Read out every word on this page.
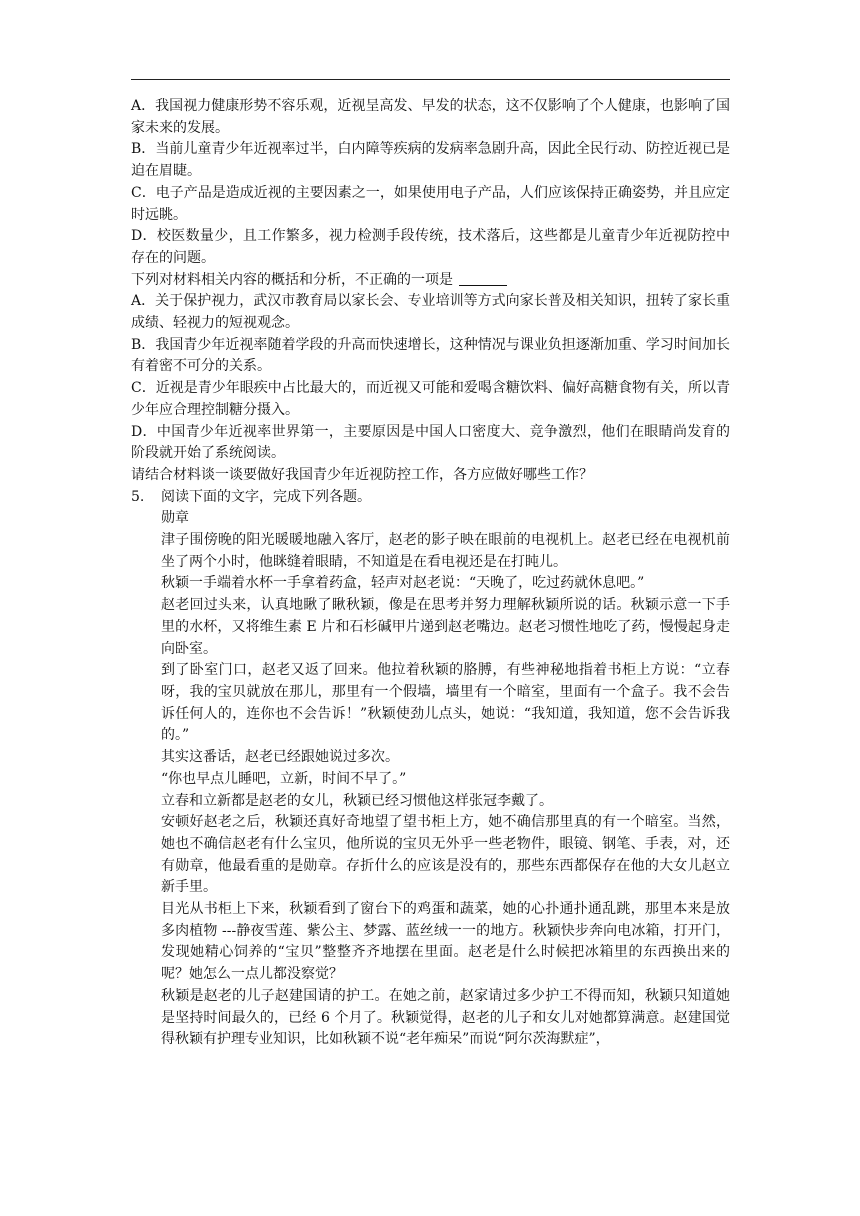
A．我国视力健康形势不容乐观，近视呈高发、早发的状态，这不仅影响了个人健康，也影响了国家未来的发展。

B．当前儿童青少年近视率过半，白内障等疾病的发病率急剧升高，因此全民行动、防控近视已是迫在眉睫。

C．电子产品是造成近视的主要因素之一，如果使用电子产品，人们应该保持正确姿势，并且应定时远眺。

D．校医数量少，且工作繁多，视力检测手段传统，技术落后，这些都是儿童青少年近视防控中存在的问题。

下列对材料相关内容的概括和分析，不正确的一项是

A．关于保护视力，武汉市教育局以家长会、专业培训等方式向家长普及相关知识，扭转了家长重成绩、轻视力的短视观念。

B．我国青少年近视率随着学段的升高而快速增长，这种情况与课业负担逐渐加重、学习时间加长有着密不可分的关系。

C．近视是青少年眼疾中占比最大的，而近视又可能和爱喝含糖饮料、偏好高糖食物有关，所以青少年应合理控制糖分摄入。

D．中国青少年近视率世界第一，主要原因是中国人口密度大、竞争激烈，他们在眼睛尚发育的阶段就开始了系统阅读。

请结合材料谈一谈要做好我国青少年近视防控工作，各方应做好哪些工作？

5. 阅读下面的文字，完成下列各题。

勋章

津子围傍晚的阳光暖暖地融入客厅，赵老的影子映在眼前的电视机上。赵老已经在电视机前坐了两个小时，他眯缝着眼睛，不知道是在看电视还是在打盹儿。

秋颖一手端着水杯一手拿着药盒，轻声对赵老说：“天晚了，吃过药就休息吧。”

赵老回过头来，认真地瞅了瞅秋颖，像是在思考并努力理解秋颖所说的话。秋颖示意一下手里的水杯，又将维生素 E 片和石杉碱甲片递到赵老嘴边。赵老习惯性地吃了药，慢慢起身走向卧室。

到了卧室门口，赵老又返了回来。他拉着秋颖的胳膊，有些神秘地指着书柜上方说：“立春呀，我的宝贝就放在那儿，那里有一个假墙，墙里有一个暗室，里面有一个盒子。我不会告诉任何人的，连你也不会告诉！”秋颖使劲儿点头，她说：“我知道，我知道，您不会告诉我的。”

其实这番话，赵老已经跟她说过多次。

“你也早点儿睡吧，立新，时间不早了。”

立春和立新都是赵老的女儿，秋颖已经习惯他这样张冠李戴了。

安顿好赵老之后，秋颖还真好奇地望了望书柜上方，她不确信那里真的有一个暗室。当然，她也不确信赵老有什么宝贝，他所说的宝贝无外乎一些老物件，眼镜、钢笔、手表，对，还有勋章，他最看重的是勋章。存折什么的应该是没有的，那些东西都保存在他的大女儿赵立新手里。

目光从书柜上下来，秋颖看到了窗台下的鸡蛋和蔬菜，她的心扑通扑通乱跳，那里本来是放多肉植物 ---静夜雪莲、紫公主、梦露、蓝丝绒一一的地方。秋颖快步奔向电冰箱，打开门，发现她精心饲养的“宝贝”整整齐齐地摆在里面。赵老是什么时候把冰箱里的东西换出来的呢？她怎么一点儿都没察觉？

秋颖是赵老的儿子赵建国请的护工。在她之前，赵家请过多少护工不得而知，秋颖只知道她是坚持时间最久的，已经 6 个月了。秋颖觉得，赵老的儿子和女儿对她都算满意。赵建国觉得秋颖有护理专业知识，比如秋颖不说“老年痴呆”而说“阿尔茨海默症”，
